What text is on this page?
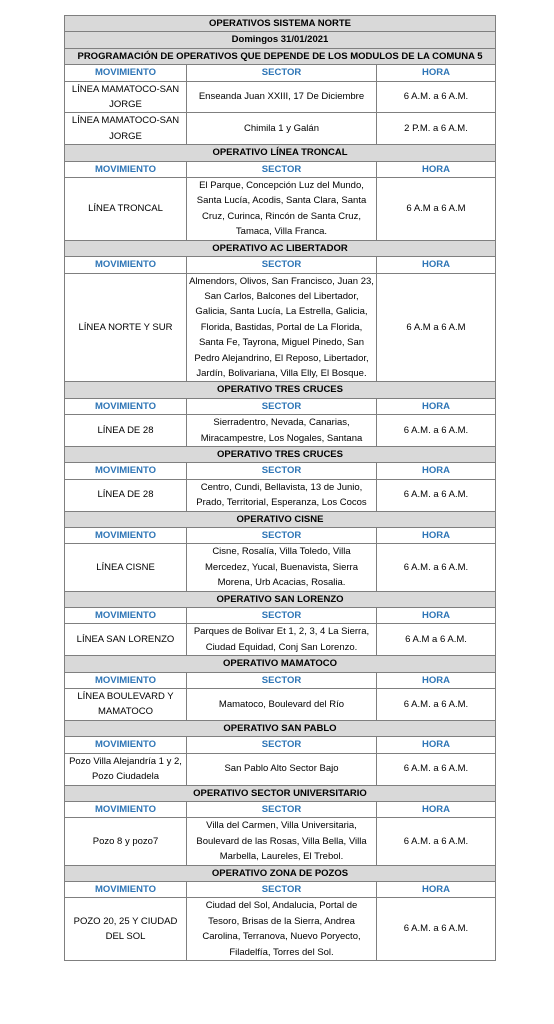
OPERATIVOS SISTEMA NORTE		
Domingos 31/01/2021		
PROGRAMACIÓN DE OPERATIVOS QUE DEPENDE DE LOS MODULOS DE LA COMUNA 5		
MOVIMIENTO	SECTOR	HORA
LÍNEA MAMATOCO-SAN JORGE	Enseanda Juan XXIII, 17 De Diciembre	6 A.M. a 6 A.M.
LÍNEA MAMATOCO-SAN JORGE	Chimila 1 y Galán	2 P.M. a 6 A.M.
OPERATIVO LÍNEA TRONCAL		
MOVIMIENTO	SECTOR	HORA
LÍNEA TRONCAL	El Parque, Concepción Luz del Mundo, Santa Lucía, Acodis, Santa Clara, Santa Cruz, Curinca, Rincón de Santa Cruz, Tamaca, Villa Franca.	6 A.M a 6 A.M
OPERATIVO AC LIBERTADOR		
MOVIMIENTO	SECTOR	HORA
LÍNEA NORTE Y SUR	Almendors, Olivos, San Francisco, Juan 23, San Carlos, Balcones del Libertador, Galicia, Santa Lucía, La Estrella, Galicia, Florida, Bastidas, Portal de La Florida, Santa Fe, Tayrona, Miguel Pinedo, San Pedro Alejandrino, El Reposo, Libertador, Jardín, Bolivariana, Villa Elly, El Bosque.	6 A.M a 6 A.M
OPERATIVO TRES CRUCES		
MOVIMIENTO	SECTOR	HORA
LÍNEA DE 28	Sierradentro, Nevada, Canarias, Miracampestre, Los Nogales, Santana	6 A.M. a 6 A.M.
OPERATIVO TRES CRUCES		
MOVIMIENTO	SECTOR	HORA
LÍNEA DE 28	Centro, Cundi, Bellavista, 13 de Junio, Prado, Territorial, Esperanza, Los Cocos	6 A.M. a 6 A.M.
OPERATIVO CISNE		
MOVIMIENTO	SECTOR	HORA
LÍNEA CISNE	Cisne, Rosalía, Villa Toledo, Villa Mercedez, Yucal, Buenavista, Sierra Morena, Urb Acacias, Rosalia.	6 A.M. a 6 A.M.
OPERATIVO SAN LORENZO		
MOVIMIENTO	SECTOR	HORA
LÍNEA SAN LORENZO	Parques de Bolivar Et 1, 2, 3, 4 La Sierra, Ciudad Equidad, Conj San Lorenzo.	6 A.M a 6 A.M.
OPERATIVO MAMATOCO		
MOVIMIENTO	SECTOR	HORA
LÍNEA BOULEVARD Y MAMATOCO	Mamatoco, Boulevard del Río	6 A.M. a 6 A.M.
OPERATIVO SAN PABLO		
MOVIMIENTO	SECTOR	HORA
Pozo Villa Alejandría 1 y 2, Pozo Ciudadela	San Pablo Alto Sector Bajo	6 A.M. a 6 A.M.
OPERATIVO SECTOR UNIVERSITARIO		
MOVIMIENTO	SECTOR	HORA
Pozo 8 y pozo7	Villa del Carmen, Villa Universitaria, Boulevard de las Rosas, Villa Bella, Villa Marbella, Laureles, El Trebol.	6 A.M. a 6 A.M.
OPERATIVO ZONA DE POZOS		
MOVIMIENTO	SECTOR	HORA
POZO 20, 25 Y CIUDAD DEL SOL	Ciudad del Sol, Andalucia, Portal de Tesoro, Brisas de la Sierra, Andrea Carolina, Terranova, Nuevo Poryecto, Filadelfía, Torres del Sol.	6 A.M. a 6 A.M.
